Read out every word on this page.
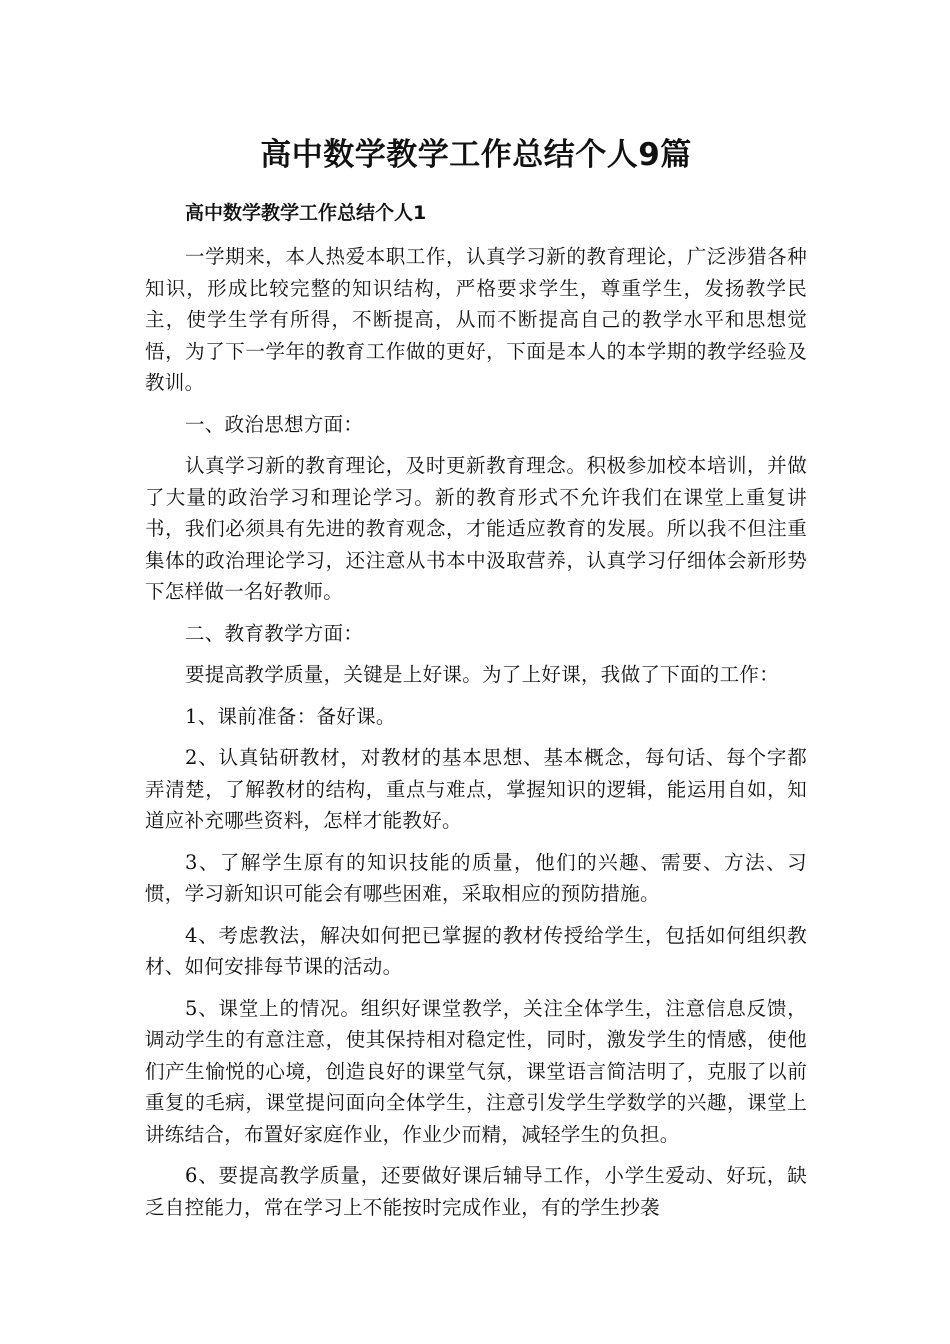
高中数学教学工作总结个人9篇

高中数学教学工作总结个人1

一学期来，本人热爱本职工作，认真学习新的教育理论，广泛涉猎各种知识，形成比较完整的知识结构，严格要求学生，尊重学生，发扬教学民主，使学生学有所得，不断提高，从而不断提高自己的教学水平和思想觉悟，为了下一学年的教育工作做的更好，下面是本人的本学期的教学经验及教训。

一、政治思想方面：

认真学习新的教育理论，及时更新教育理念。积极参加校本培训，并做了大量的政治学习和理论学习。新的教育形式不允许我们在课堂上重复讲书，我们必须具有先进的教育观念，才能适应教育的发展。所以我不但注重集体的政治理论学习，还注意从书本中汲取营养，认真学习仔细体会新形势下怎样做一名好教师。

二、教育教学方面：

要提高教学质量，关键是上好课。为了上好课，我做了下面的工作：

1、课前准备：备好课。

2、认真钻研教材，对教材的基本思想、基本概念，每句话、每个字都弄清楚，了解教材的结构，重点与难点，掌握知识的逻辑，能运用自如，知道应补充哪些资料，怎样才能教好。

3、了解学生原有的知识技能的质量，他们的兴趣、需要、方法、习惯，学习新知识可能会有哪些困难，采取相应的预防措施。

4、考虑教法，解决如何把已掌握的教材传授给学生，包括如何组织教材、如何安排每节课的活动。

5、课堂上的情况。组织好课堂教学，关注全体学生，注意信息反馈，调动学生的有意注意，使其保持相对稳定性，同时，激发学生的情感，使他们产生愉悦的心境，创造良好的课堂气氛，课堂语言简洁明了，克服了以前重复的毛病，课堂提问面向全体学生，注意引发学生学数学的兴趣，课堂上讲练结合，布置好家庭作业，作业少而精，减轻学生的负担。

6、要提高教学质量，还要做好课后辅导工作，小学生爱动、好玩，缺乏自控能力，常在学习上不能按时完成作业，有的学生抄袭
